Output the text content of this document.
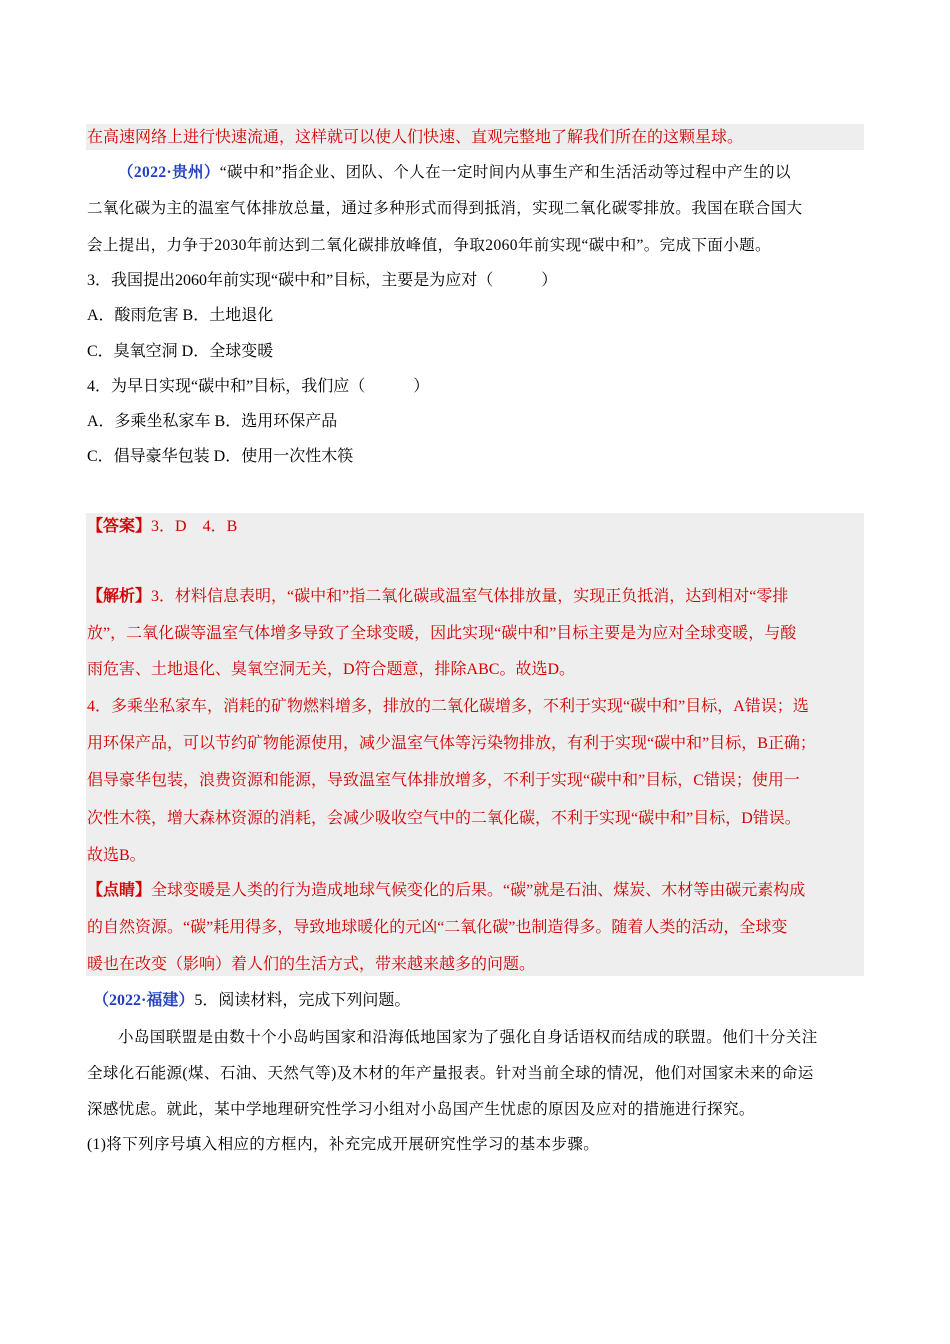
在高速网络上进行快速流通，这样就可以使人们快速、直观完整地了解我们所在的这颗星球。
（2022·贵州）“碳中和”指企业、团队、个人在一定时间内从事生产和生活活动等过程中产生的以
二氧化碳为主的温室气体排放总量，通过多种形式而得到抵消，实现二氧化碳零排放。我国在联合国大
会上提出，力争于2030年前达到二氧化碳排放峰值，争取2060年前实现“碳中和”。完成下面小题。
3．我国提出2060年前实现“碳中和”目标，主要是为应对（　　　）
A．酸雨危害 B．土地退化
C．臭氧空洞 D．全球变暖
4．为早日实现“碳中和”目标，我们应（　　　）
A．多乘坐私家车 B．选用环保产品
C．倡导豪华包装 D．使用一次性木筷
【答案】3．D　4．B
【解析】3．材料信息表明，“碳中和”指二氧化碳或温室气体排放量，实现正负抵消，达到相对“零排
放”，二氧化碳等温室气体增多导致了全球变暖，因此实现“碳中和”目标主要是为应对全球变暖，与酸
雨危害、土地退化、臭氧空洞无关，D符合题意，排除ABC。故选D。
4．多乘坐私家车，消耗的矿物燃料增多，排放的二氧化碳增多，不利于实现“碳中和”目标，A错误；选
用环保产品，可以节约矿物能源使用，减少温室气体等污染物排放，有利于实现“碳中和”目标，B正确；
倡导豪华包装，浪费资源和能源，导致温室气体排放增多，不利于实现“碳中和”目标，C错误；使用一
次性木筷，增大森林资源的消耗，会减少吸收空气中的二氧化碳，不利于实现“碳中和”目标，D错误。
故选B。
【点睛】全球变暖是人类的行为造成地球气候变化的后果。“碳”就是石油、煤炭、木材等由碳元素构成
的自然资源。“碳”耗用得多，导致地球暖化的元凶“二氧化碳”也制造得多。随着人类的活动，全球变
暖也在改变（影响）着人们的生活方式，带来越来越多的问题。
（2022·福建）5．阅读材料，完成下列问题。
小岛国联盟是由数十个小岛屿国家和沿海低地国家为了强化自身话语权而结成的联盟。他们十分关注
全球化石能源(煤、石油、天然气等)及木材的年产量报表。针对当前全球的情况，他们对国家未来的命运
深感忧虑。就此，某中学地理研究性学习小组对小岛国产生忧虑的原因及应对的措施进行探究。
(1)将下列序号填入相应的方框内，补充完成开展研究性学习的基本步骤。
